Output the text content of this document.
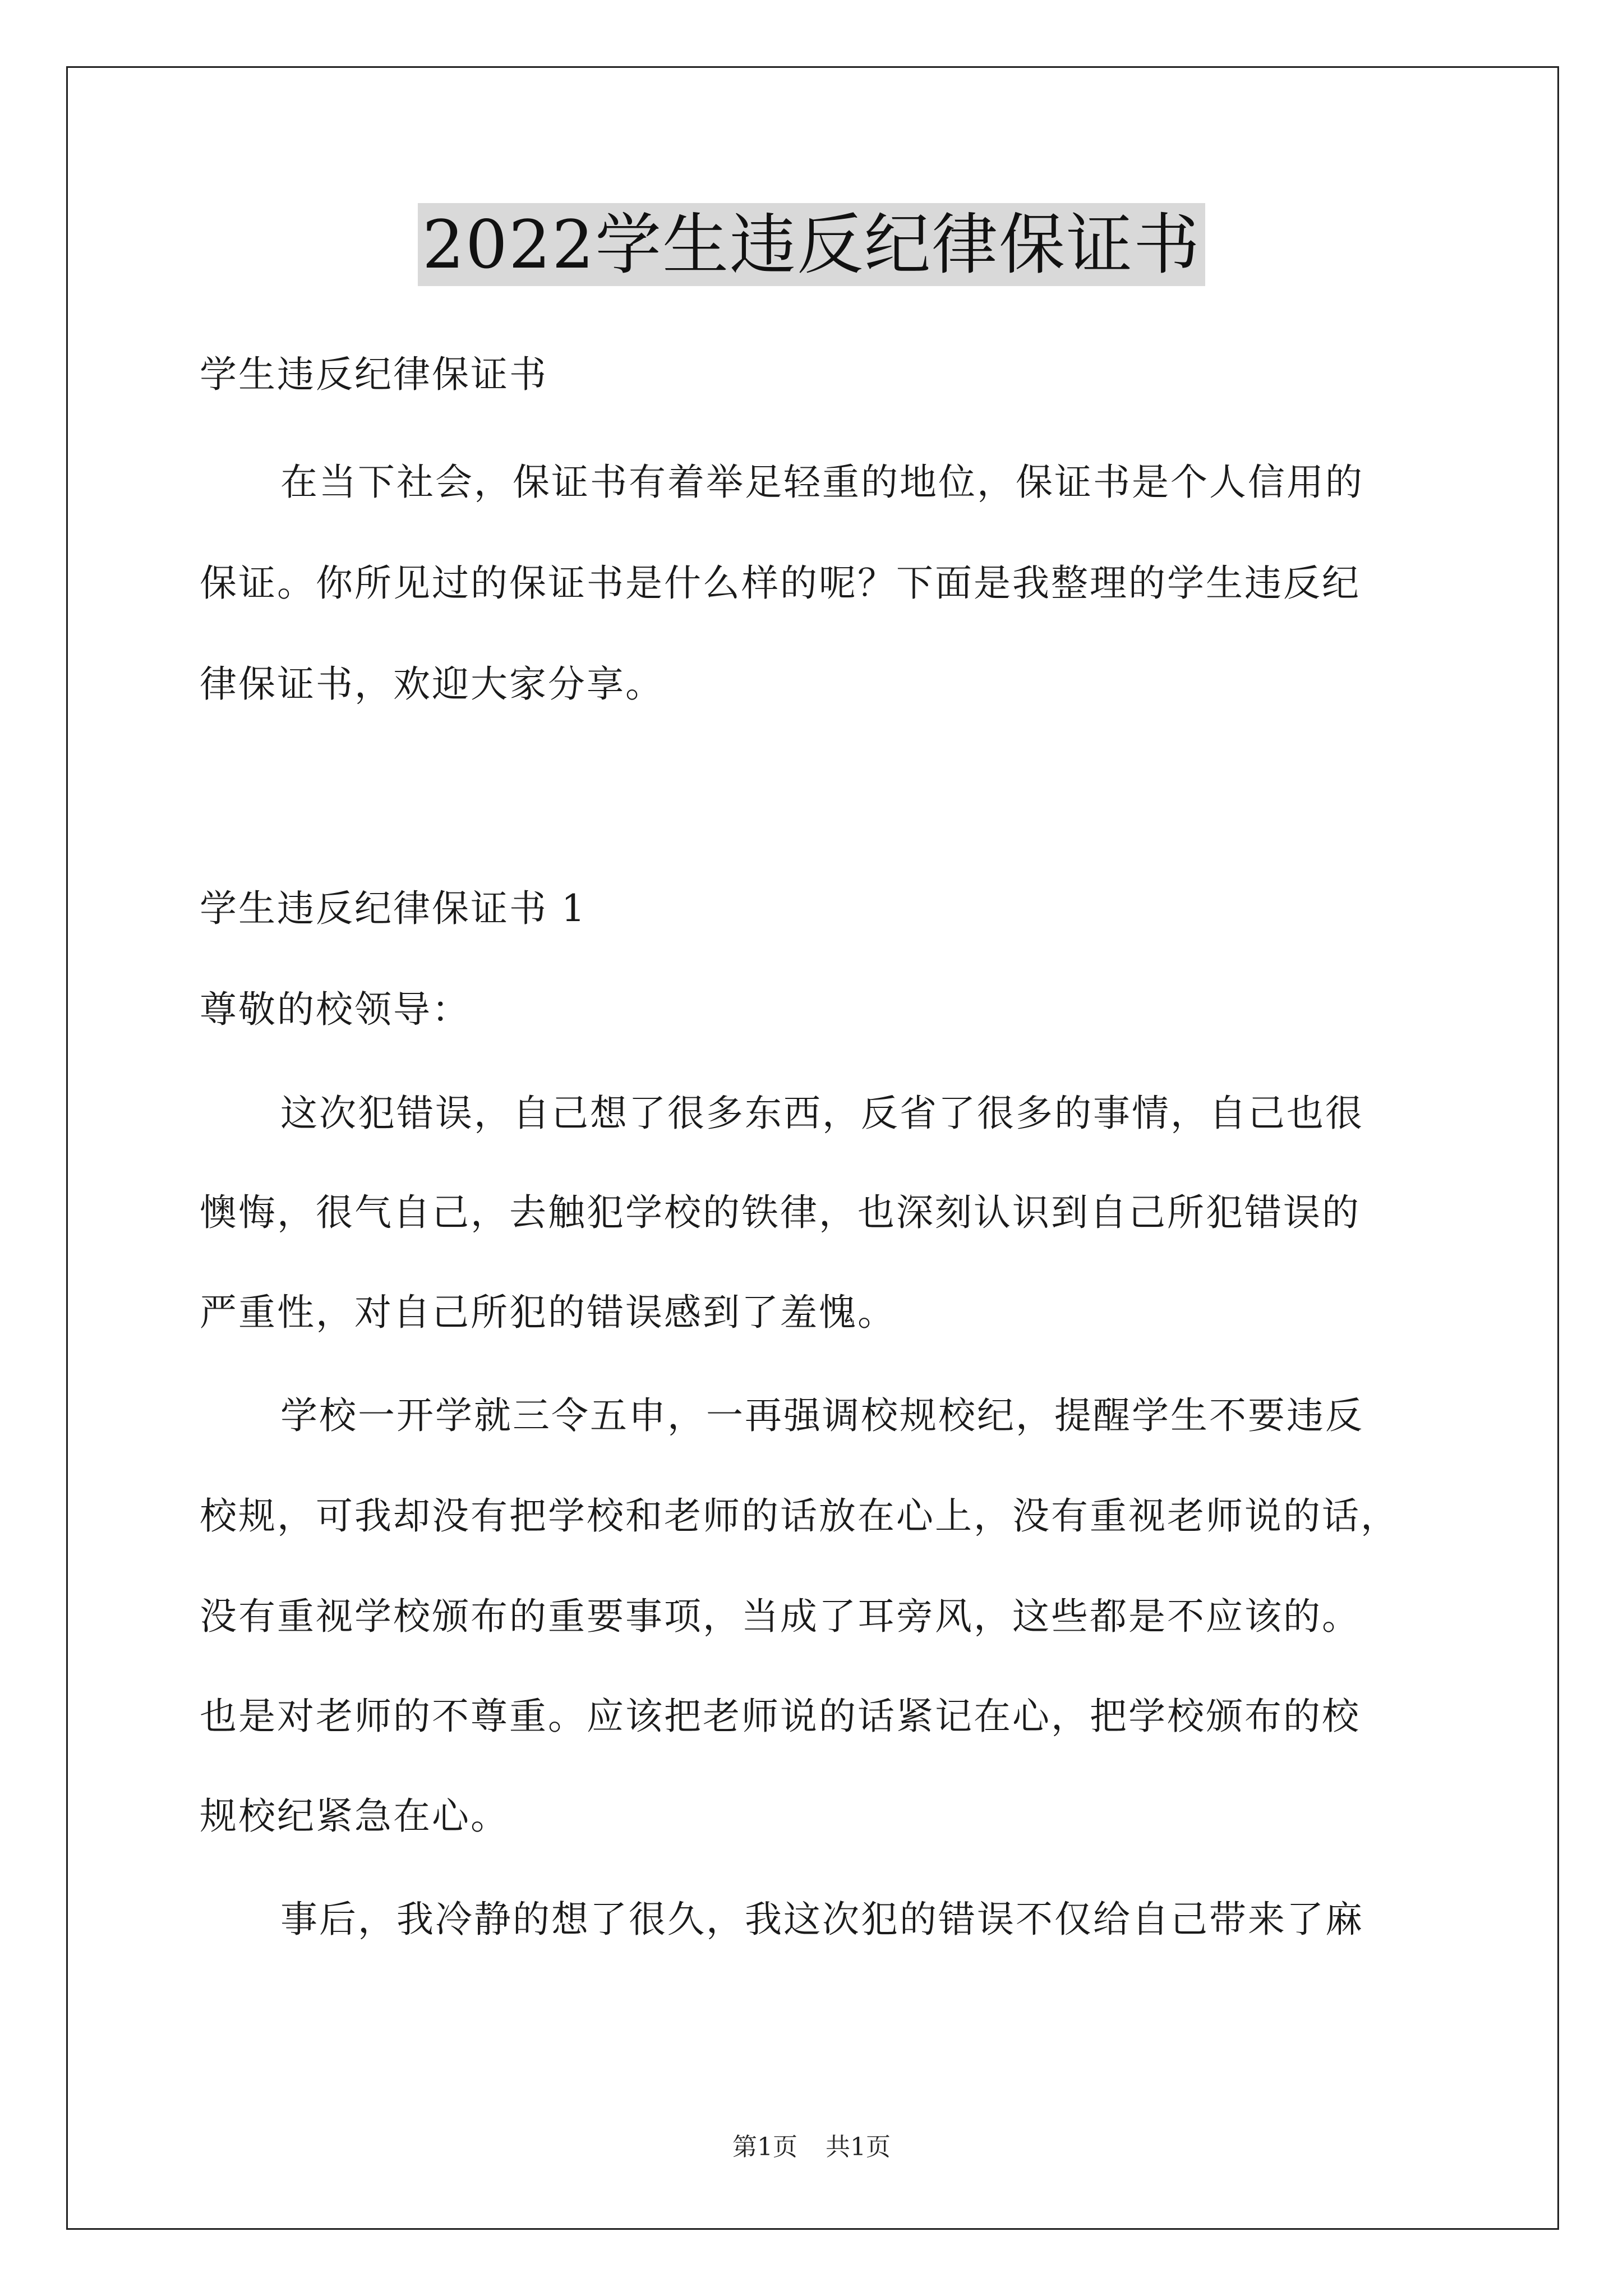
2022学生违反纪律保证书
学生违反纪律保证书
在当下社会，保证书有着举足轻重的地位，保证书是个人信用的
保证。你所见过的保证书是什么样的呢？下面是我整理的学生违反纪
律保证书，欢迎大家分享。
学生违反纪律保证书 1
尊敬的校领导：
这次犯错误，自己想了很多东西，反省了很多的事情，自己也很
懊悔，很气自己，去触犯学校的铁律，也深刻认识到自己所犯错误的
严重性，对自己所犯的错误感到了羞愧。
学校一开学就三令五申，一再强调校规校纪，提醒学生不要违反
校规，可我却没有把学校和老师的话放在心上，没有重视老师说的话，
没有重视学校颁布的重要事项，当成了耳旁风，这些都是不应该的。
也是对老师的不尊重。应该把老师说的话紧记在心，把学校颁布的校
规校纪紧急在心。
事后，我冷静的想了很久，我这次犯的错误不仅给自己带来了麻
第1页 共1页
